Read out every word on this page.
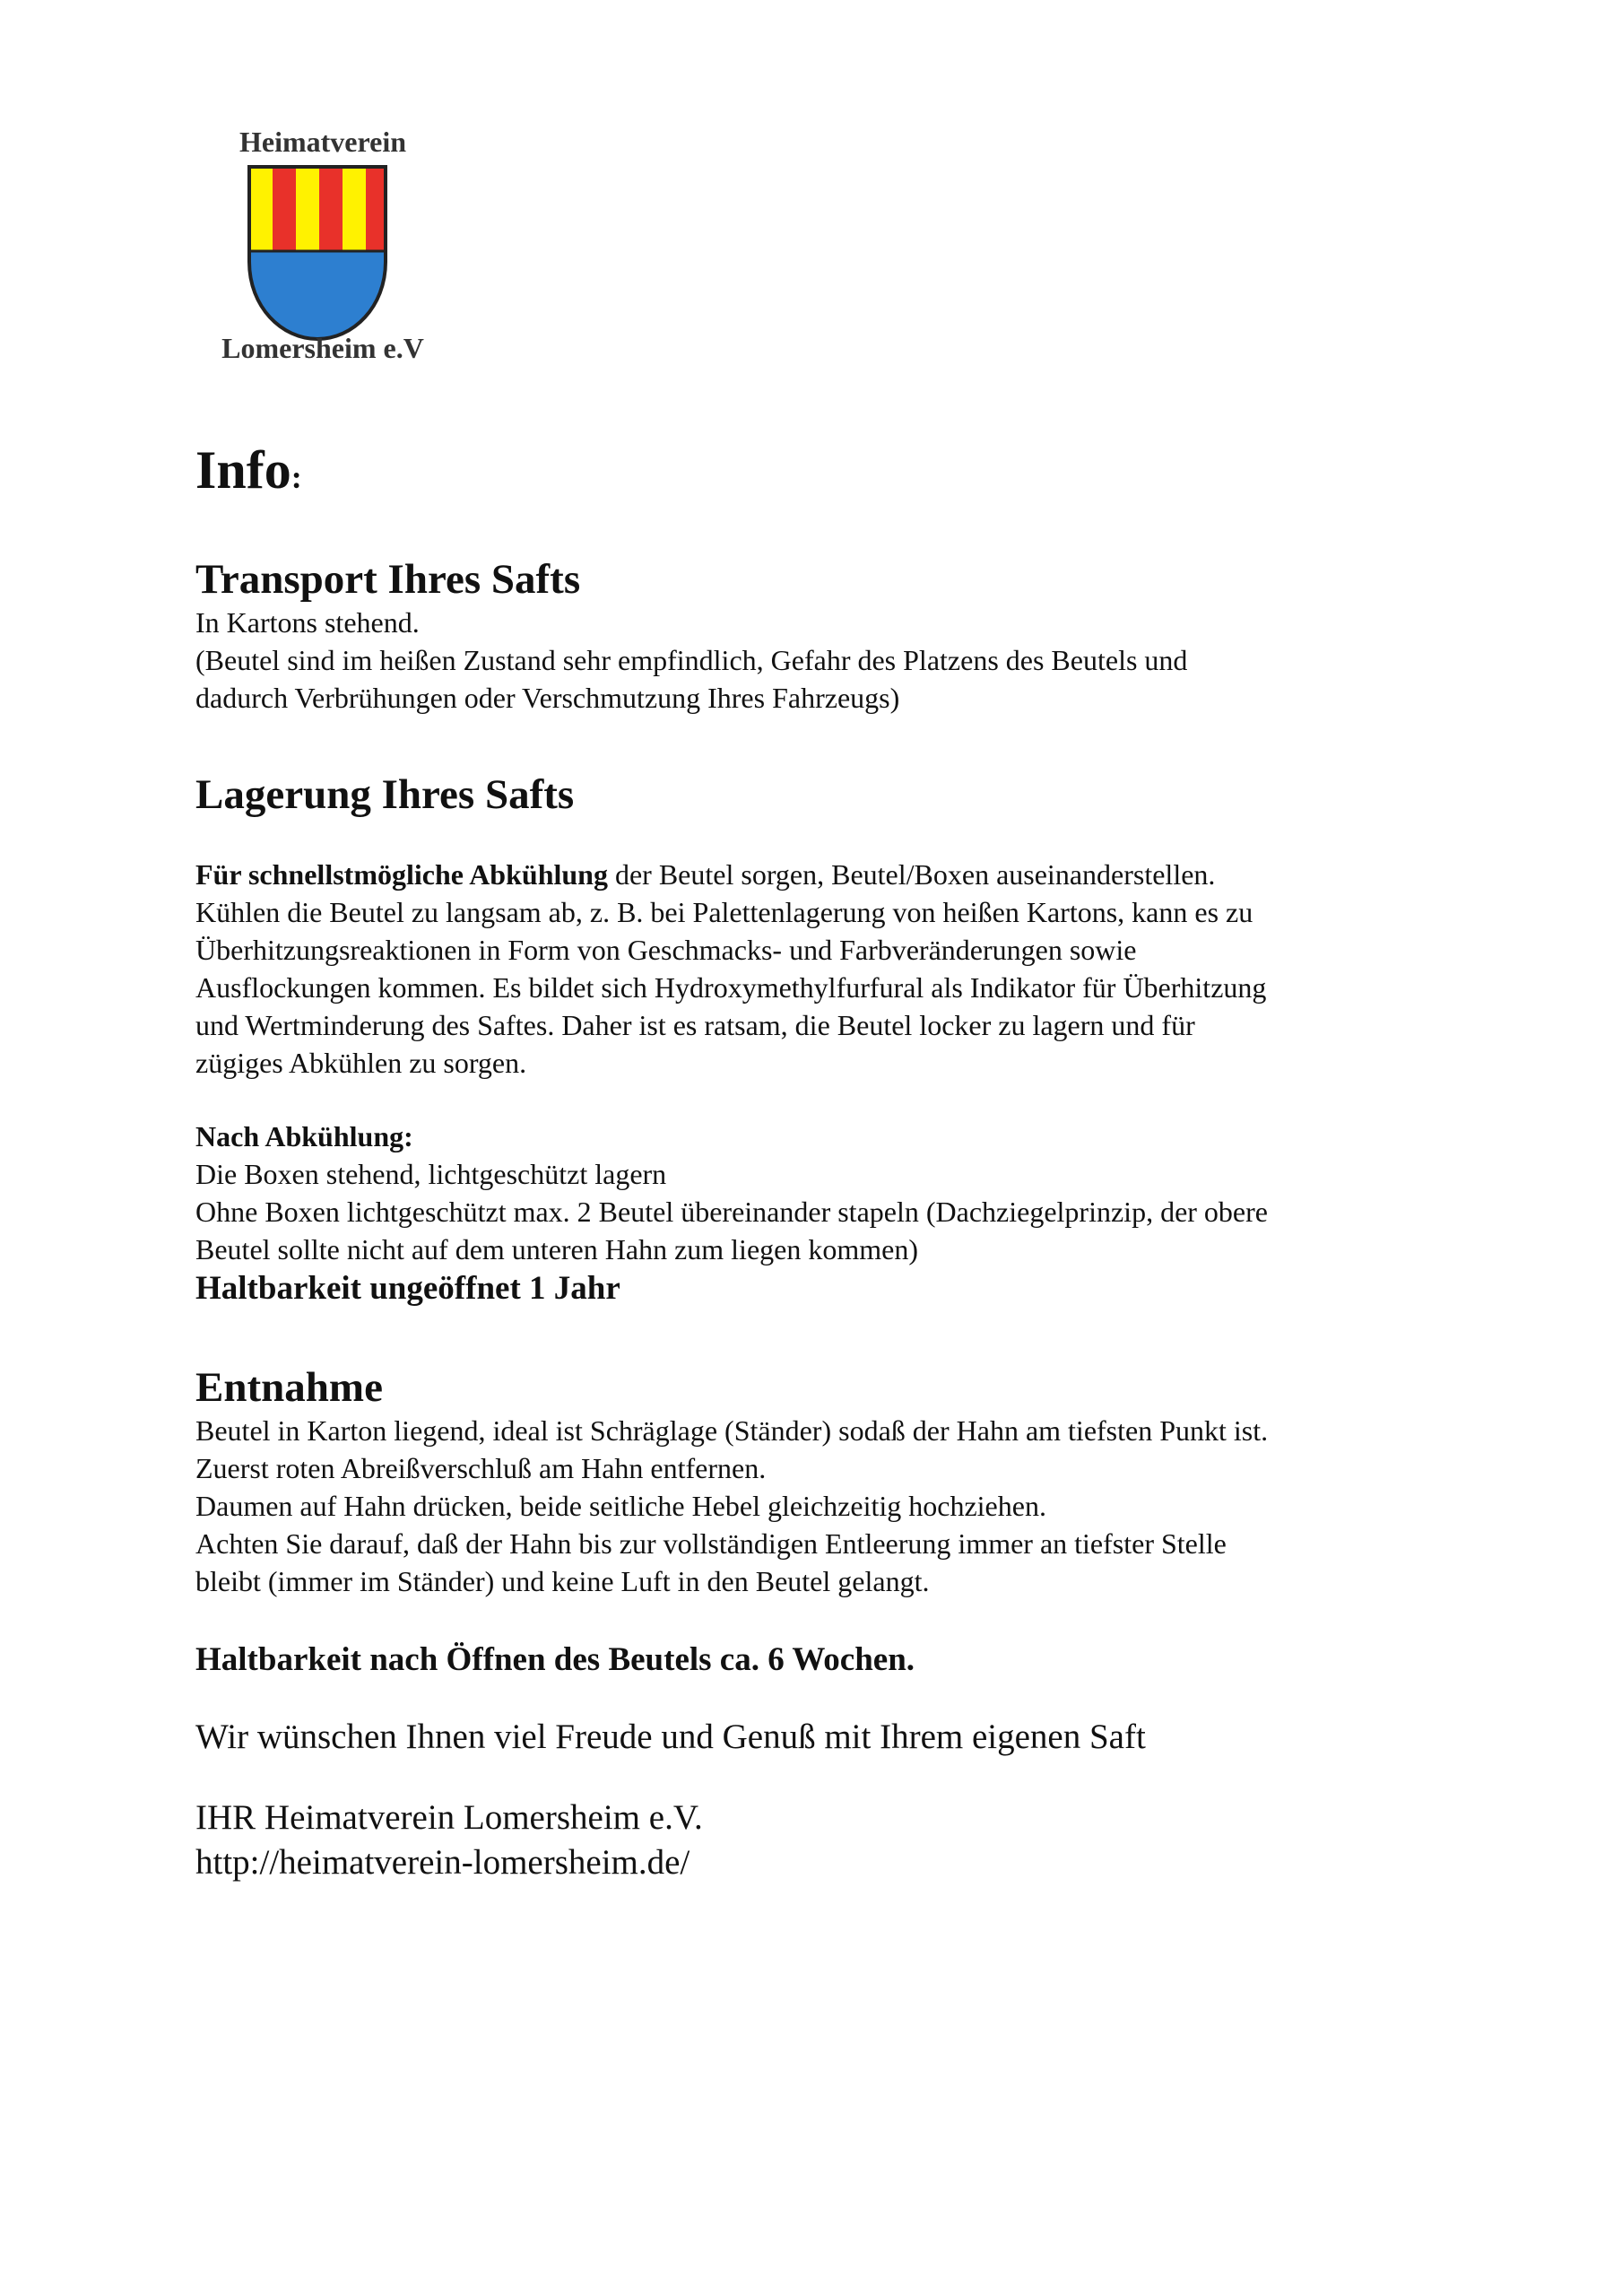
Heimatverein
Lomersheim e.V
Info:
Transport Ihres Safts

In Kartons stehend.

(Beutel sind im heißen Zustand sehr empfindlich, Gefahr des Platzens des Beutels und

dadurch Verbrühungen oder Verschmutzung Ihres Fahrzeugs)

Lagerung Ihres Safts

Für schnellstmögliche Abkühlung der Beutel sorgen, Beutel/Boxen auseinanderstellen.

Kühlen die Beutel zu langsam ab, z. B. bei Palettenlagerung von heißen Kartons, kann es zu

Überhitzungsreaktionen in Form von Geschmacks- und Farbveränderungen sowie

Ausflockungen kommen. Es bildet sich Hydroxymethylfurfural als Indikator für Überhitzung

und Wertminderung des Saftes. Daher ist es ratsam, die Beutel locker zu lagern und für

zügiges Abkühlen zu sorgen.

Nach Abkühlung:

Die Boxen stehend, lichtgeschützt lagern

Ohne Boxen lichtgeschützt max. 2 Beutel übereinander stapeln (Dachziegelprinzip, der obere

Beutel sollte nicht auf dem unteren Hahn zum liegen kommen)

Haltbarkeit ungeöffnet 1 Jahr

Entnahme

Beutel in Karton liegend, ideal ist Schräglage (Ständer) sodaß der Hahn am tiefsten Punkt ist.

Zuerst roten Abreißverschluß am Hahn entfernen.

Daumen auf Hahn drücken, beide seitliche Hebel gleichzeitig hochziehen.

Achten Sie darauf, daß der Hahn bis zur vollständigen Entleerung immer an tiefster Stelle

bleibt (immer im Ständer) und keine Luft in den Beutel gelangt.

Haltbarkeit nach Öffnen des Beutels ca. 6 Wochen.

Wir wünschen Ihnen viel Freude und Genuß mit Ihrem eigenen Saft

IHR Heimatverein Lomersheim e.V.

http://heimatverein-lomersheim.de/
